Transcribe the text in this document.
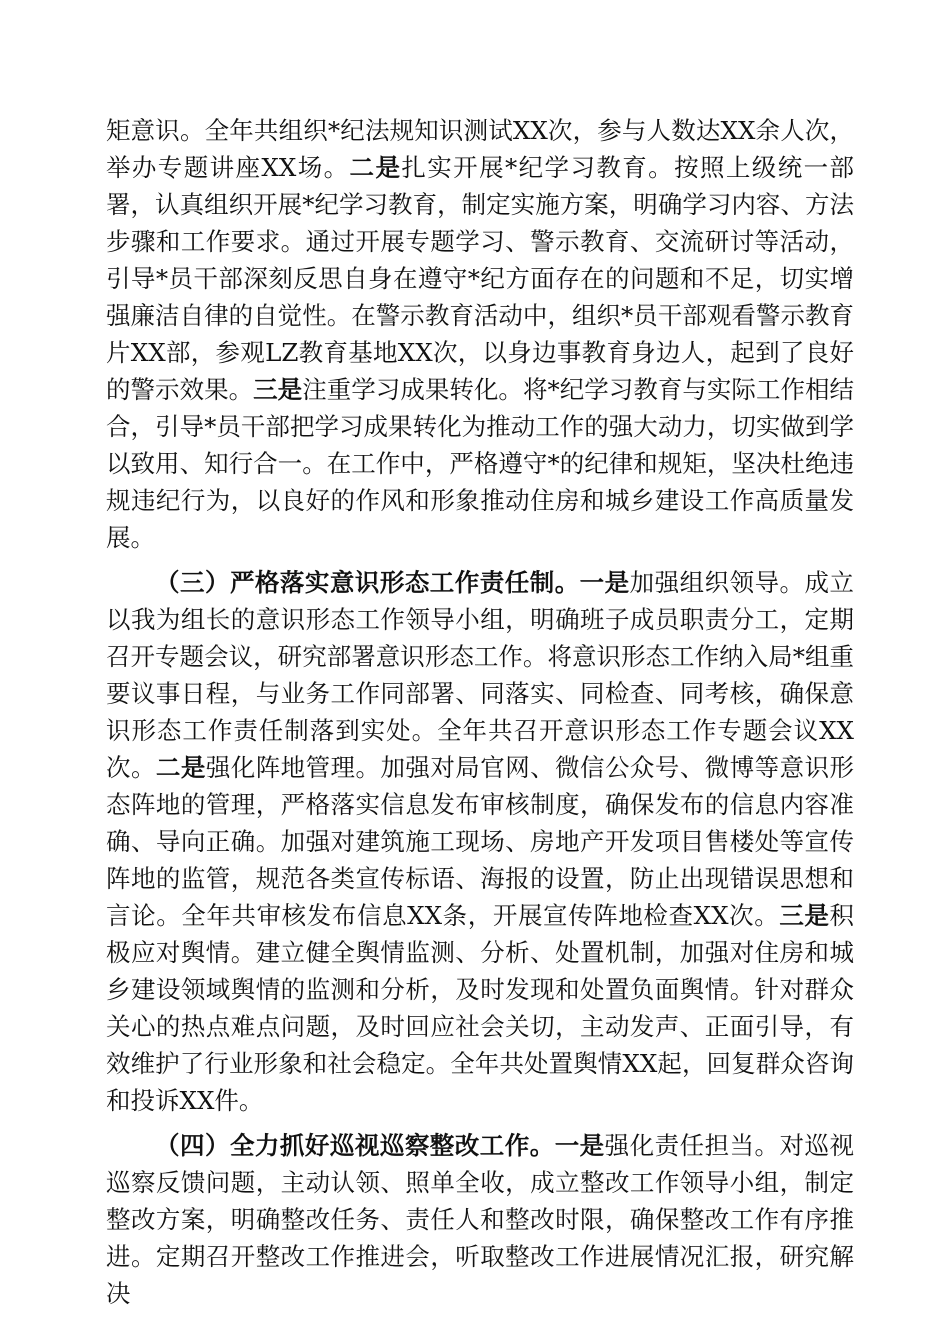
矩意识。全年共组织*纪法规知识测试XX次，参与人数达XX余人次，举办专题讲座XX场。二是扎实开展*纪学习教育。按照上级统一部署，认真组织开展*纪学习教育，制定实施方案，明确学习内容、方法步骤和工作要求。通过开展专题学习、警示教育、交流研讨等活动，引导*员干部深刻反思自身在遵守*纪方面存在的问题和不足，切实增强廉洁自律的自觉性。在警示教育活动中，组织*员干部观看警示教育片XX部，参观LZ教育基地XX次，以身边事教育身边人，起到了良好的警示效果。三是注重学习成果转化。将*纪学习教育与实际工作相结合，引导*员干部把学习成果转化为推动工作的强大动力，切实做到学以致用、知行合一。在工作中，严格遵守*的纪律和规矩，坚决杜绝违规违纪行为，以良好的作风和形象推动住房和城乡建设工作高质量发展。

（三）严格落实意识形态工作责任制。一是加强组织领导。成立以我为组长的意识形态工作领导小组，明确班子成员职责分工，定期召开专题会议，研究部署意识形态工作。将意识形态工作纳入局*组重要议事日程，与业务工作同部署、同落实、同检查、同考核，确保意识形态工作责任制落到实处。全年共召开意识形态工作专题会议XX次。二是强化阵地管理。加强对局官网、微信公众号、微博等意识形态阵地的管理，严格落实信息发布审核制度，确保发布的信息内容准确、导向正确。加强对建筑施工现场、房地产开发项目售楼处等宣传阵地的监管，规范各类宣传标语、海报的设置，防止出现错误思想和言论。全年共审核发布信息XX条，开展宣传阵地检查XX次。三是积极应对舆情。建立健全舆情监测、分析、处置机制，加强对住房和城乡建设领域舆情的监测和分析，及时发现和处置负面舆情。针对群众关心的热点难点问题，及时回应社会关切，主动发声、正面引导，有效维护了行业形象和社会稳定。全年共处置舆情XX起，回复群众咨询和投诉XX件。

（四）全力抓好巡视巡察整改工作。一是强化责任担当。对巡视巡察反馈问题，主动认领、照单全收，成立整改工作领导小组，制定整改方案，明确整改任务、责任人和整改时限，确保整改工作有序推进。定期召开整改工作推进会，听取整改工作进展情况汇报，研究解决
